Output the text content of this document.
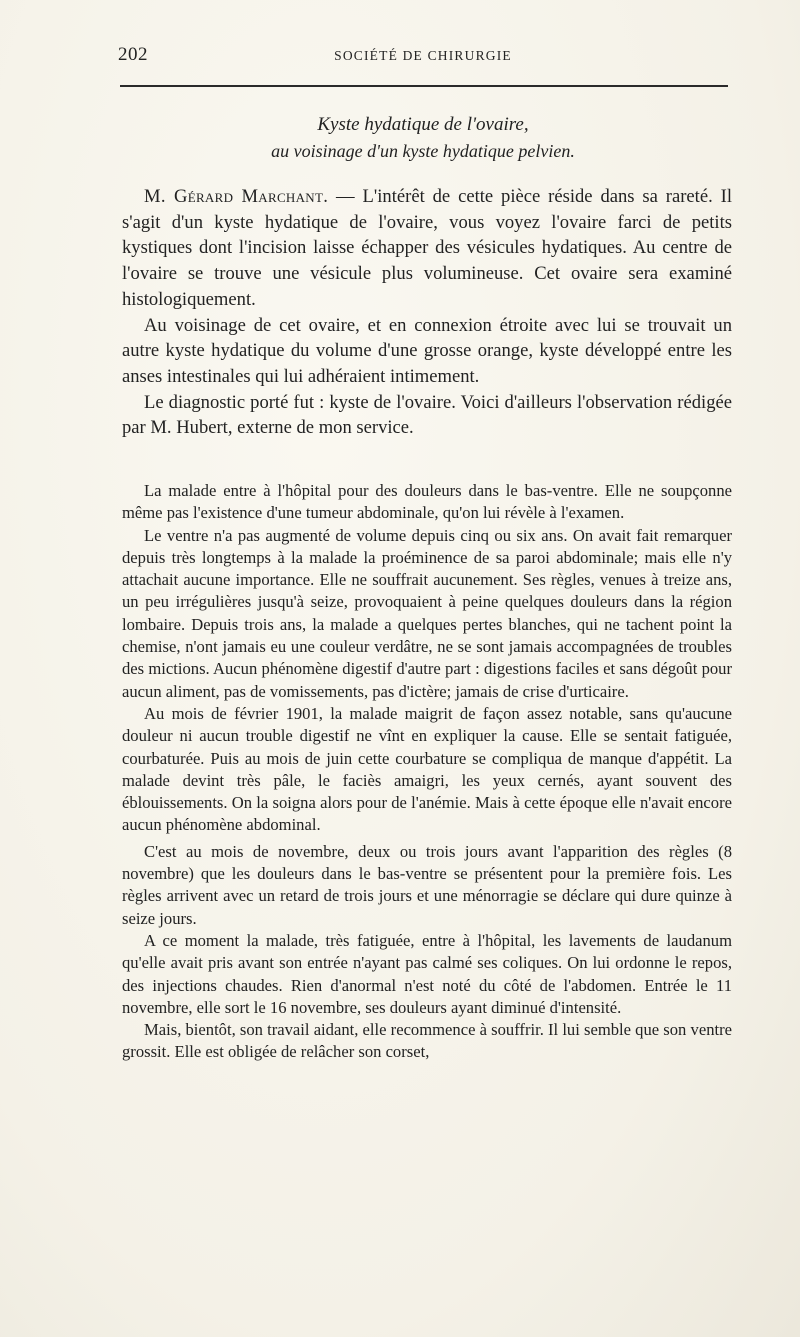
202	SOCIÉTÉ DE CHIRURGIE
Kyste hydatique de l'ovaire,
au voisinage d'un kyste hydatique pelvien.

M. Gérard Marchant. — L'intérêt de cette pièce réside dans sa rareté. Il s'agit d'un kyste hydatique de l'ovaire, vous voyez l'ovaire farci de petits kystiques dont l'incision laisse échapper des vésicules hydatiques. Au centre de l'ovaire se trouve une vésicule plus volumineuse. Cet ovaire sera examiné histologiquement.

Au voisinage de cet ovaire, et en connexion étroite avec lui se trouvait un autre kyste hydatique du volume d'une grosse orange, kyste développé entre les anses intestinales qui lui adhéraient intimement.

Le diagnostic porté fut : kyste de l'ovaire. Voici d'ailleurs l'observation rédigée par M. Hubert, externe de mon service.

La malade entre à l'hôpital pour des douleurs dans le bas-ventre. Elle ne soupçonne même pas l'existence d'une tumeur abdominale, qu'on lui révèle à l'examen.

Le ventre n'a pas augmenté de volume depuis cinq ou six ans. On avait fait remarquer depuis très longtemps à la malade la proéminence de sa paroi abdominale; mais elle n'y attachait aucune importance. Elle ne souffrait aucunement. Ses règles, venues à treize ans, un peu irrégulières jusqu'à seize, provoquaient à peine quelques douleurs dans la région lombaire. Depuis trois ans, la malade a quelques pertes blanches, qui ne tachent point la chemise, n'ont jamais eu une couleur verdâtre, ne se sont jamais accompagnées de troubles des mictions. Aucun phénomène digestif d'autre part : digestions faciles et sans dégoût pour aucun aliment, pas de vomissements, pas d'ictère; jamais de crise d'urticaire.

Au mois de février 1901, la malade maigrit de façon assez notable, sans qu'aucune douleur ni aucun trouble digestif ne vînt en expliquer la cause. Elle se sentait fatiguée, courbaturée. Puis au mois de juin cette courbature se compliqua de manque d'appétit. La malade devint très pâle, le faciès amaigri, les yeux cernés, ayant souvent des éblouissements. On la soigna alors pour de l'anémie. Mais à cette époque elle n'avait encore aucun phénomène abdominal.

C'est au mois de novembre, deux ou trois jours avant l'apparition des règles (8 novembre) que les douleurs dans le bas-ventre se présentent pour la première fois. Les règles arrivent avec un retard de trois jours et une ménorragie se déclare qui dure quinze à seize jours.

A ce moment la malade, très fatiguée, entre à l'hôpital, les lavements de laudanum qu'elle avait pris avant son entrée n'ayant pas calmé ses coliques. On lui ordonne le repos, des injections chaudes. Rien d'anormal n'est noté du côté de l'abdomen. Entrée le 11 novembre, elle sort le 16 novembre, ses douleurs ayant diminué d'intensité.

Mais, bientôt, son travail aidant, elle recommence à souffrir. Il lui semble que son ventre grossit. Elle est obligée de relâcher son corset,
